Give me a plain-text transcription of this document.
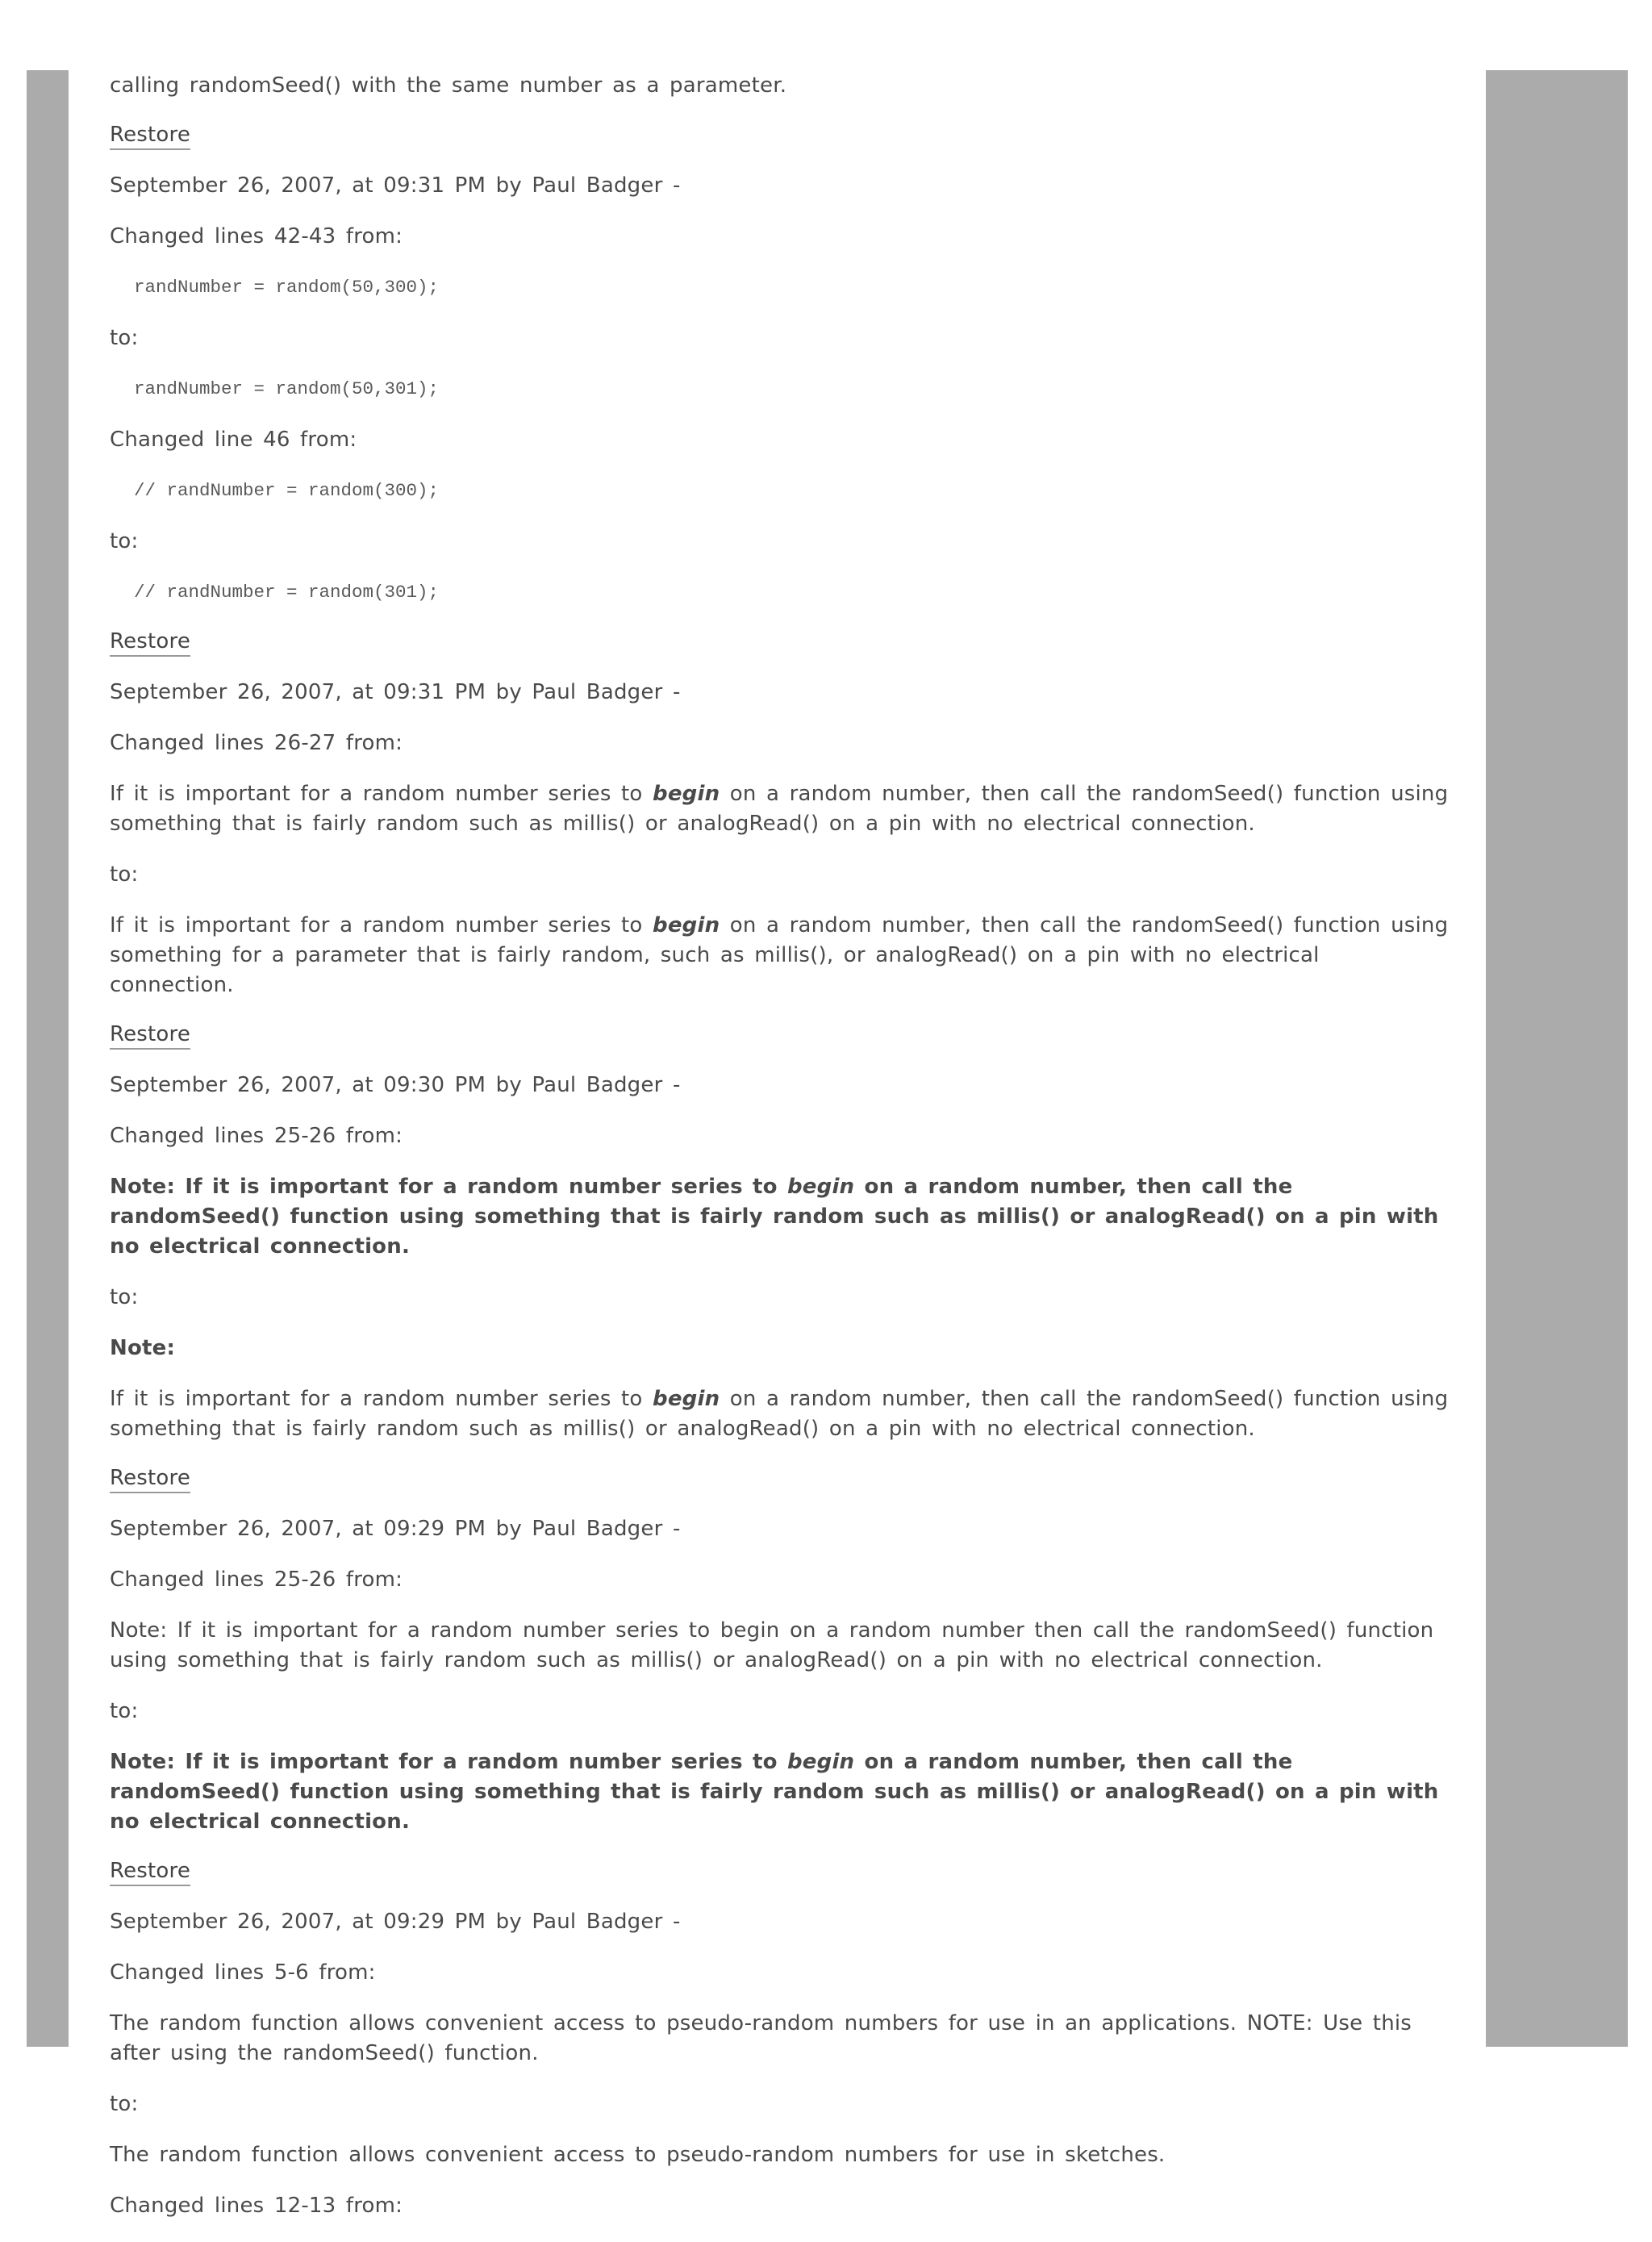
calling randomSeed() with the same number as a parameter.

Restore

September 26, 2007, at 09:31 PM by Paul Badger -

Changed lines 42-43 from:

randNumber = random(50,300);

to:

randNumber = random(50,301);

Changed line 46 from:

// randNumber = random(300);

to:

// randNumber = random(301);

Restore

September 26, 2007, at 09:31 PM by Paul Badger -

Changed lines 26-27 from:

If it is important for a random number series to begin on a random number, then call the randomSeed() function using something that is fairly random such as millis() or analogRead() on a pin with no electrical connection.

to:

If it is important for a random number series to begin on a random number, then call the randomSeed() function using something for a parameter that is fairly random, such as millis(), or analogRead() on a pin with no electrical connection.

Restore

September 26, 2007, at 09:30 PM by Paul Badger -

Changed lines 25-26 from:

Note: If it is important for a random number series to begin on a random number, then call the randomSeed() function using something that is fairly random such as millis() or analogRead() on a pin with no electrical connection.

to:

Note:

If it is important for a random number series to begin on a random number, then call the randomSeed() function using something that is fairly random such as millis() or analogRead() on a pin with no electrical connection.

Restore

September 26, 2007, at 09:29 PM by Paul Badger -

Changed lines 25-26 from:

Note: If it is important for a random number series to begin on a random number then call the randomSeed() function using something that is fairly random such as millis() or analogRead() on a pin with no electrical connection.

to:

Note: If it is important for a random number series to begin on a random number, then call the randomSeed() function using something that is fairly random such as millis() or analogRead() on a pin with no electrical connection.

Restore

September 26, 2007, at 09:29 PM by Paul Badger -

Changed lines 5-6 from:

The random function allows convenient access to pseudo-random numbers for use in an applications. NOTE: Use this after using the randomSeed() function.

to:

The random function allows convenient access to pseudo-random numbers for use in sketches.

Changed lines 12-13 from:
